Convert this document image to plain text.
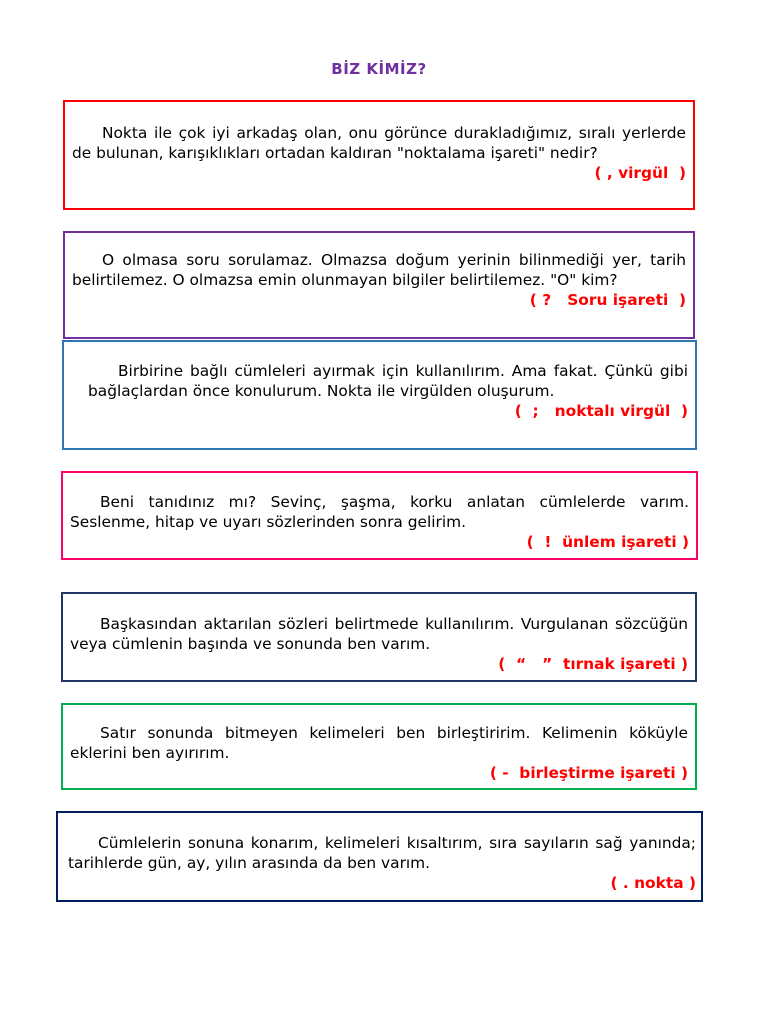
BİZ KİMİZ?

Nokta ile çok iyi arkadaş olan, onu görünce durakladığımız, sıralı yerlerde de bulunan, karışıklıkları ortadan kaldıran "noktalama işareti" nedir?

( , virgül  )

O olmasa soru sorulamaz. Olmazsa doğum yerinin bilinmediği yer, tarih belirtilemez. O olmazsa emin olunmayan bilgiler belirtilemez. "O" kim?

( ?   Soru işareti  )

Birbirine bağlı cümleleri ayırmak için kullanılırım. Ama fakat. Çünkü gibi bağlaçlardan önce konulurum. Nokta ile virgülden oluşurum.

(  ;   noktalı virgül  )

Beni tanıdınız mı? Sevinç, şaşma, korku anlatan cümlelerde varım. Seslenme, hitap ve uyarı sözlerinden sonra gelirim.

(  !  ünlem işareti )

Başkasından aktarılan sözleri belirtmede kullanılırım. Vurgulanan sözcüğün veya cümlenin başında ve sonunda ben varım.

(  “   ”  tırnak işareti )

Satır sonunda bitmeyen kelimeleri ben birleştiririm. Kelimenin köküyle eklerini ben ayırırım.

( -  birleştirme işareti )

Cümlelerin sonuna konarım, kelimeleri kısaltırım, sıra sayıların sağ yanında; tarihlerde gün, ay, yılın arasında da ben varım.

( . nokta )
